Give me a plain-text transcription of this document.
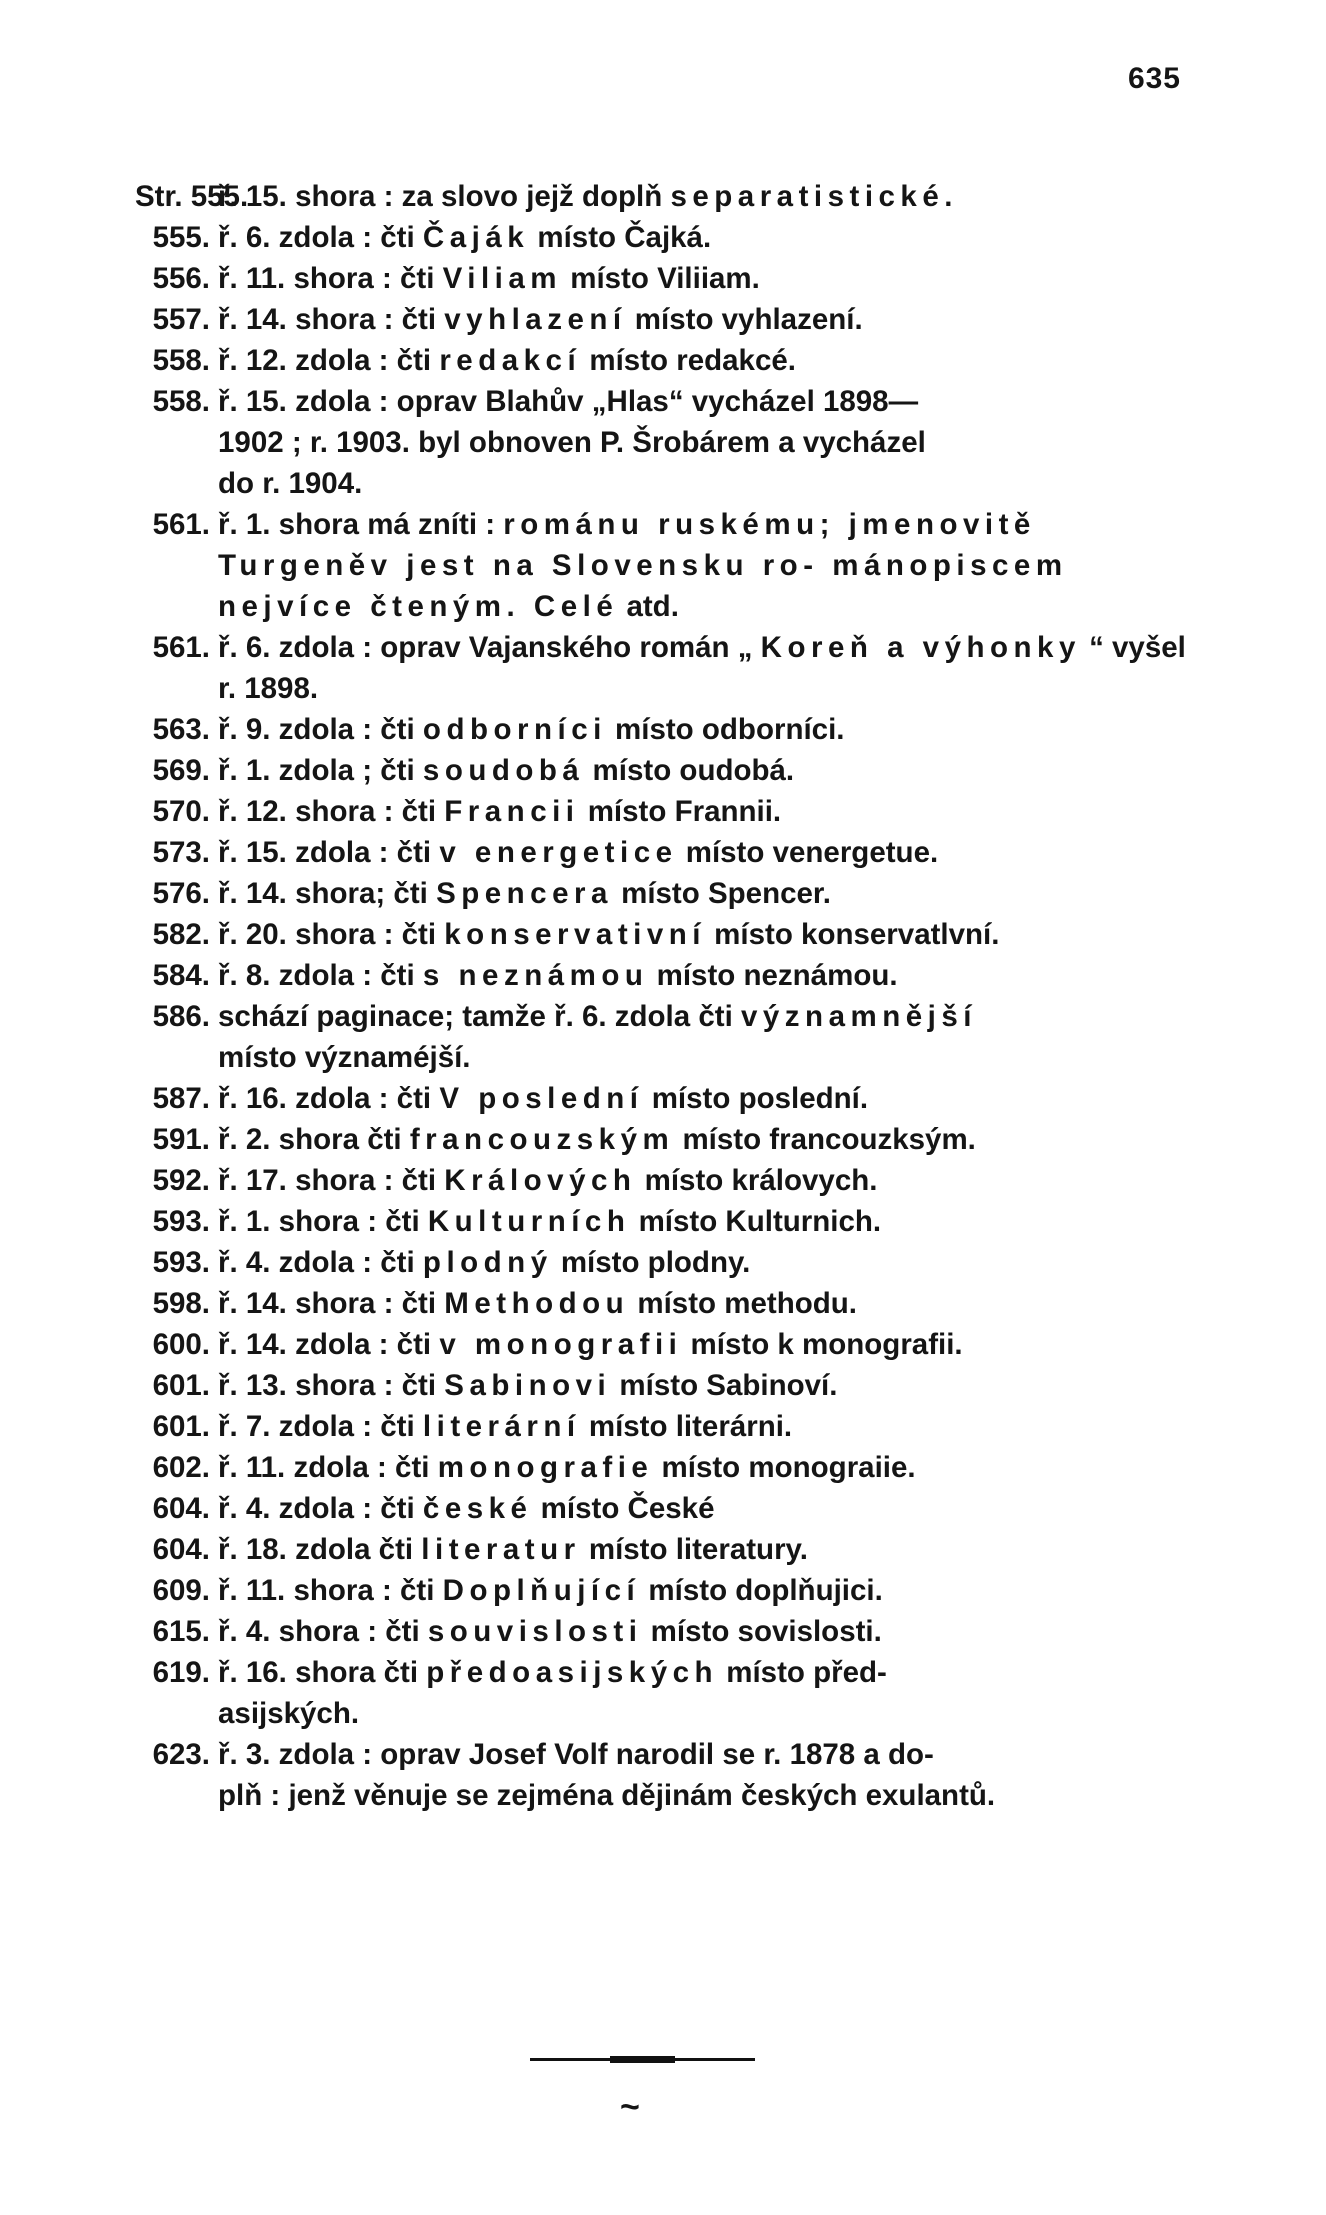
635
Str. 555.
ř. 15. shora : za slovo jejž doplň separatistické.
555. ř. 6. zdola : čti Čaják místo Čajká.
556. ř. 11. shora : čti Viliam místo Viliiam.
557. ř. 14. shora : čti vyhlazení místo vyhlazení.
558. ř. 12. zdola : čti redakcí místo redakcé.
558. ř. 15. zdola : oprav Blahův „Hlas“ vycházel 1898—
1902 ; r. 1903. byl obnoven P. Šrobárem a vycházel
do r. 1904.
561. ř. 1. shora má zníti : románu ruskému; jmenovitě Turgeněv jest na Slovensku ro- mánopiscem nejvíce čteným. Celé atd.
561. ř. 6. zdola : oprav Vajanského román „ Koreň a výhonky “ vyšel r. 1898.
563. ř. 9. zdola : čti odborníci místo odborníci.
569. ř. 1. zdola ; čti soudobá místo oudobá.
570. ř. 12. shora : čti Francii místo Frannii.
573. ř. 15. zdola : čti v energetice místo venergetue.
576. ř. 14. shora; čti Spencera místo Spencer.
582. ř. 20. shora : čti konservativní místo konservatlvní.
584. ř. 8. zdola : čti s neznámou místo neznámou.
586. schází paginace; tamže ř. 6. zdola čti významnější
místo významéjší.
587. ř. 16. zdola : čti V poslední místo poslední.
591. ř. 2. shora čti francouzským místo francouzksým.
592. ř. 17. shora : čti Králových místo královych.
593. ř. 1. shora : čti Kulturních místo Kulturnich.
593. ř. 4. zdola : čti plodný místo plodny.
598. ř. 14. shora : čti Methodou místo methodu.
600. ř. 14. zdola : čti v monografii místo k monografii.
601. ř. 13. shora : čti Sabinovi místo Sabinoví.
601. ř. 7. zdola : čti literární místo literárni.
602. ř. 11. zdola : čti monografie místo monograiie.
604. ř. 4. zdola : čti české místo České
604. ř. 18. zdola čti literatur místo literatury.
609. ř. 11. shora : čti Doplňující místo doplňujici.
615. ř. 4. shora : čti souvislosti místo sovislosti.
619. ř. 16. shora čti předoasijských místo před-
asijských.
623. ř. 3. zdola : oprav Josef Volf narodil se r. 1878 a do-
plň : jenž věnuje se zejména dějinám českých exulantů.
~
